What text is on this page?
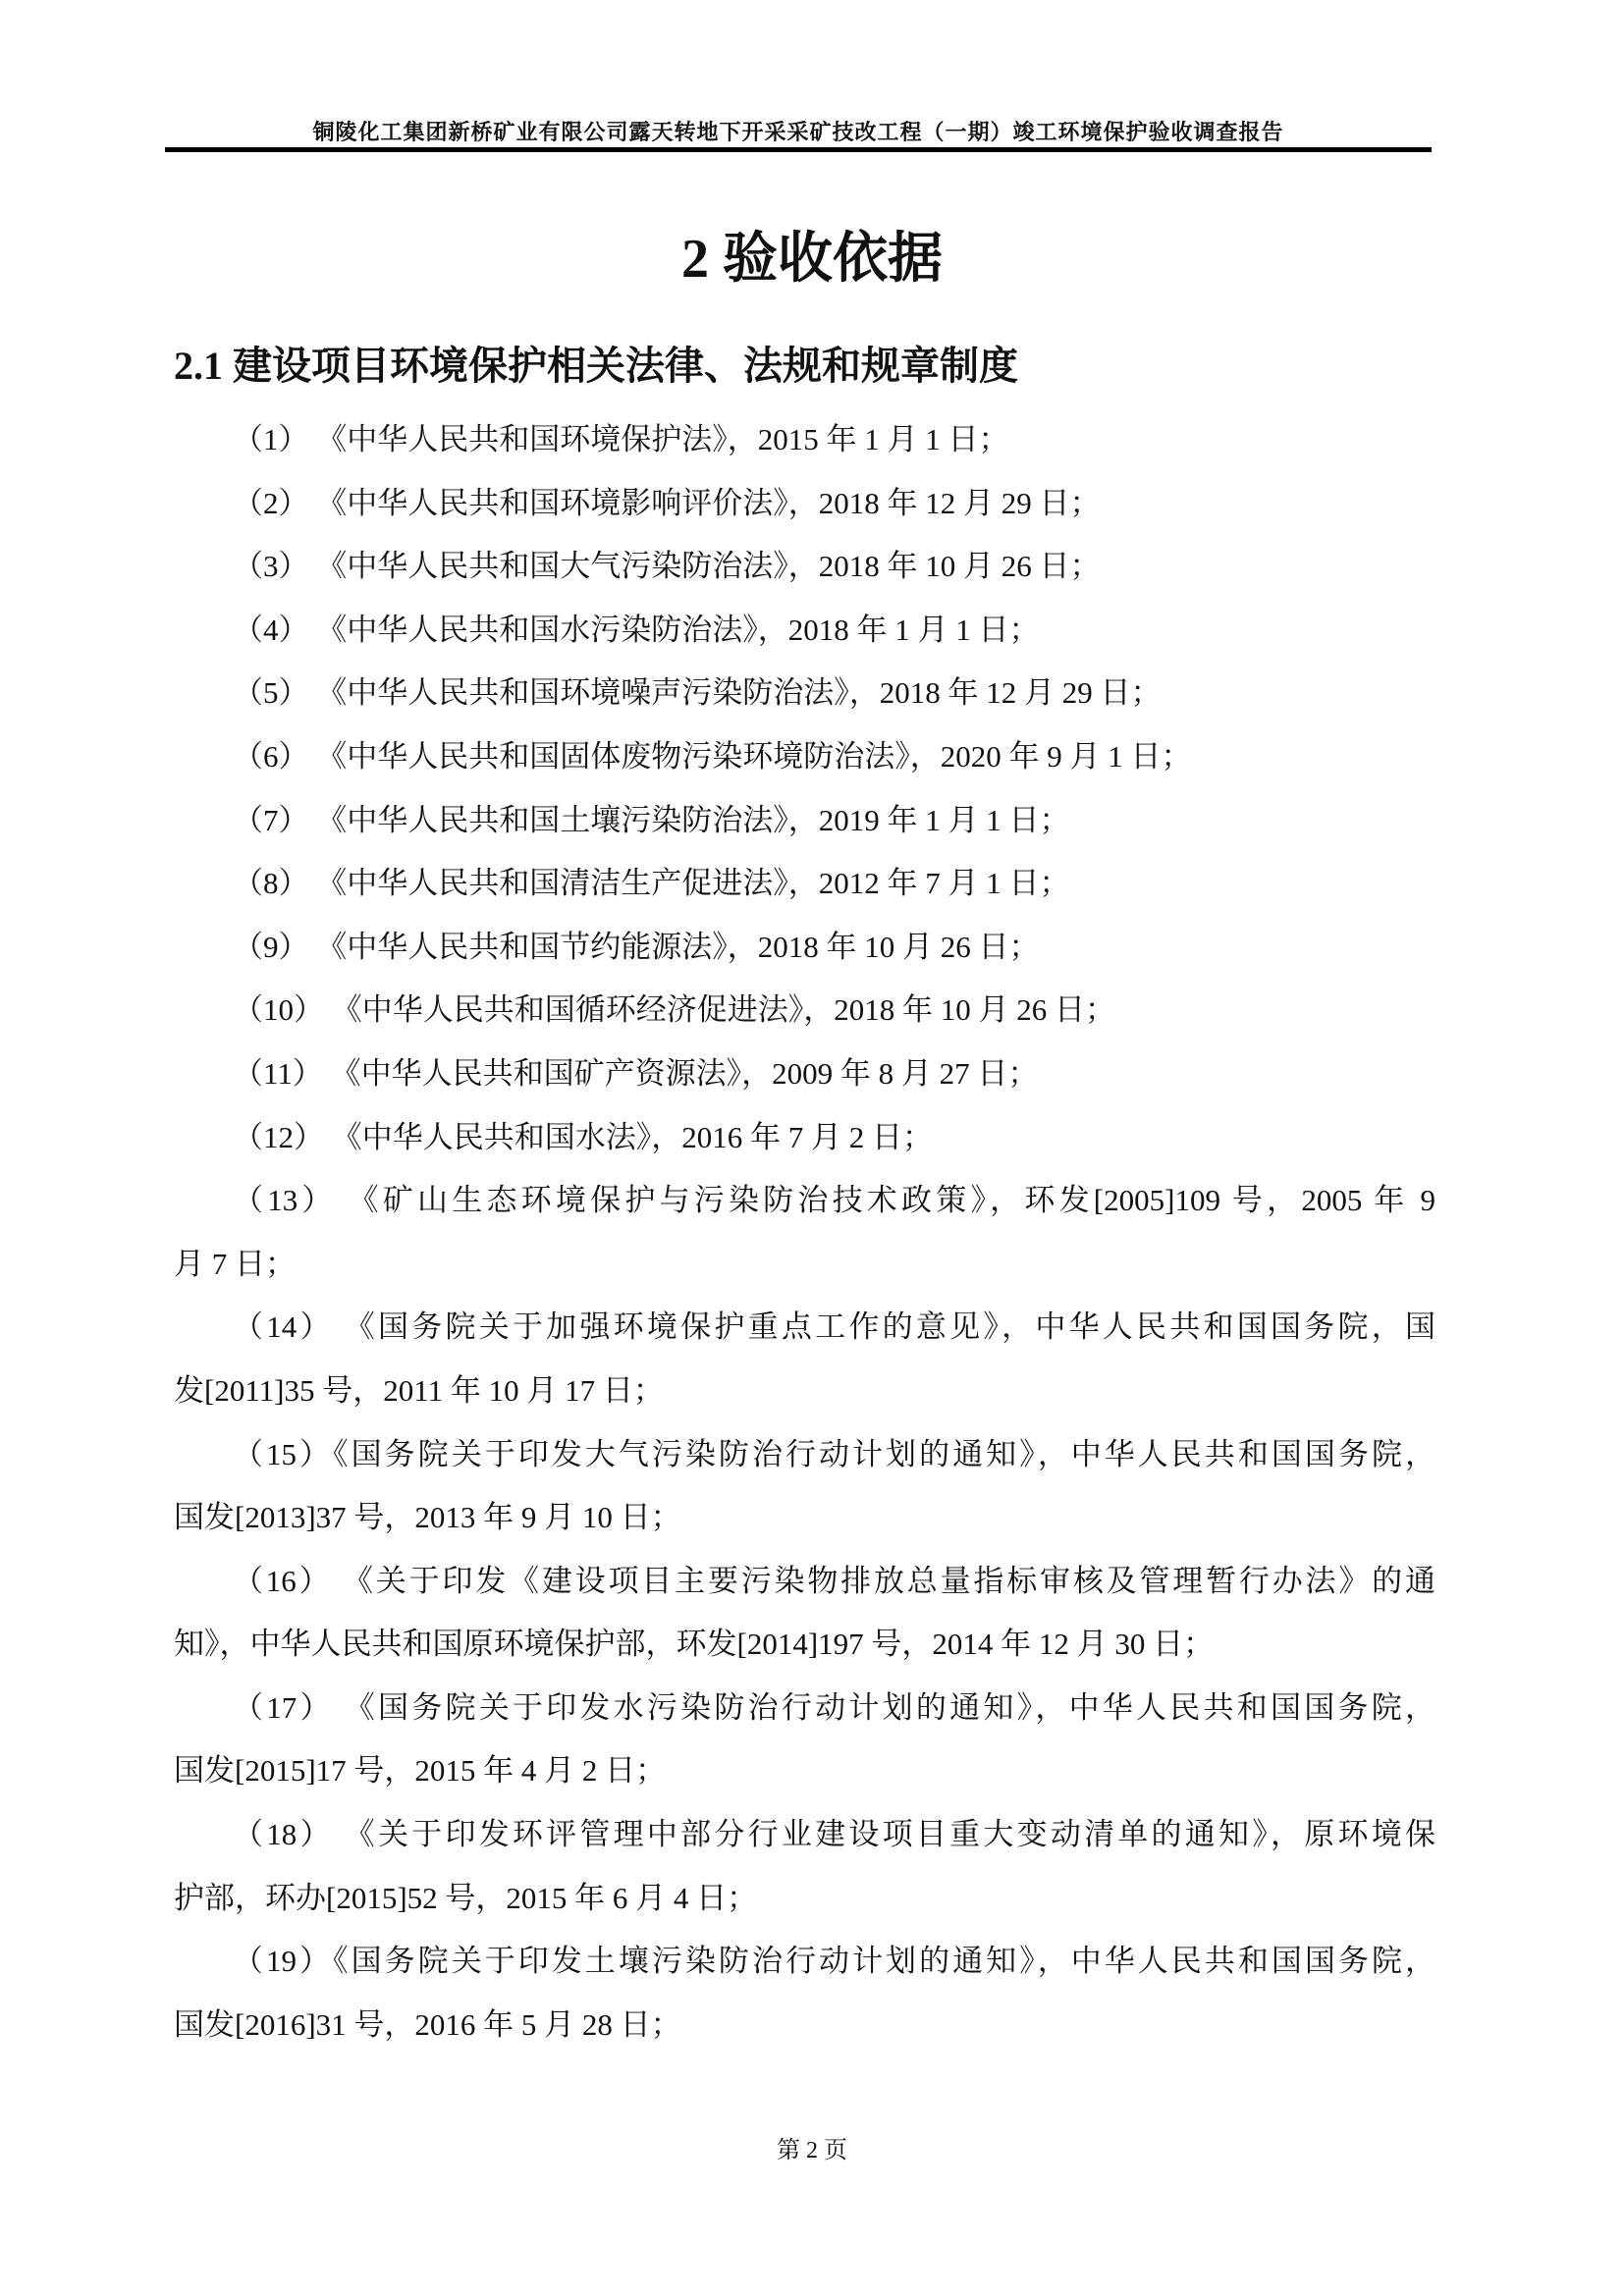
铜陵化工集团新桥矿业有限公司露天转地下开采采矿技改工程（一期）竣工环境保护验收调查报告
2 验收依据
2.1 建设项目环境保护相关法律、法规和规章制度
（1） 《中华人民共和国环境保护法》，2015 年 1 月 1 日；
（2） 《中华人民共和国环境影响评价法》，2018 年 12 月 29 日；
（3） 《中华人民共和国大气污染防治法》，2018 年 10 月 26 日；
（4） 《中华人民共和国水污染防治法》，2018 年 1 月 1 日；
（5） 《中华人民共和国环境噪声污染防治法》，2018 年 12 月 29 日；
（6） 《中华人民共和国固体废物污染环境防治法》，2020 年 9 月 1 日；
（7） 《中华人民共和国土壤污染防治法》，2019 年 1 月 1 日；
（8） 《中华人民共和国清洁生产促进法》，2012 年 7 月 1 日；
（9） 《中华人民共和国节约能源法》，2018 年 10 月 26 日；
（10） 《中华人民共和国循环经济促进法》，2018 年 10 月 26 日；
（11） 《中华人民共和国矿产资源法》，2009 年 8 月 27 日；
（12） 《中华人民共和国水法》，2016 年 7 月 2 日；
（13） 《矿山生态环境保护与污染防治技术政策》，环发[2005]109 号，2005 年 9
月 7 日；
（14） 《国务院关于加强环境保护重点工作的意见》，中华人民共和国国务院，国
发[2011]35 号，2011 年 10 月 17 日；
（15）《国务院关于印发大气污染防治行动计划的通知》，中华人民共和国国务院，
国发[2013]37 号，2013 年 9 月 10 日；
（16） 《关于印发《建设项目主要污染物排放总量指标审核及管理暂行办法》的通
知》，中华人民共和国原环境保护部，环发[2014]197 号，2014 年 12 月 30 日；
（17） 《国务院关于印发水污染防治行动计划的通知》，中华人民共和国国务院，
国发[2015]17 号，2015 年 4 月 2 日；
（18） 《关于印发环评管理中部分行业建设项目重大变动清单的通知》，原环境保
护部，环办[2015]52 号，2015 年 6 月 4 日；
（19）《国务院关于印发土壤污染防治行动计划的通知》，中华人民共和国国务院，
国发[2016]31 号，2016 年 5 月 28 日；
第 2 页
